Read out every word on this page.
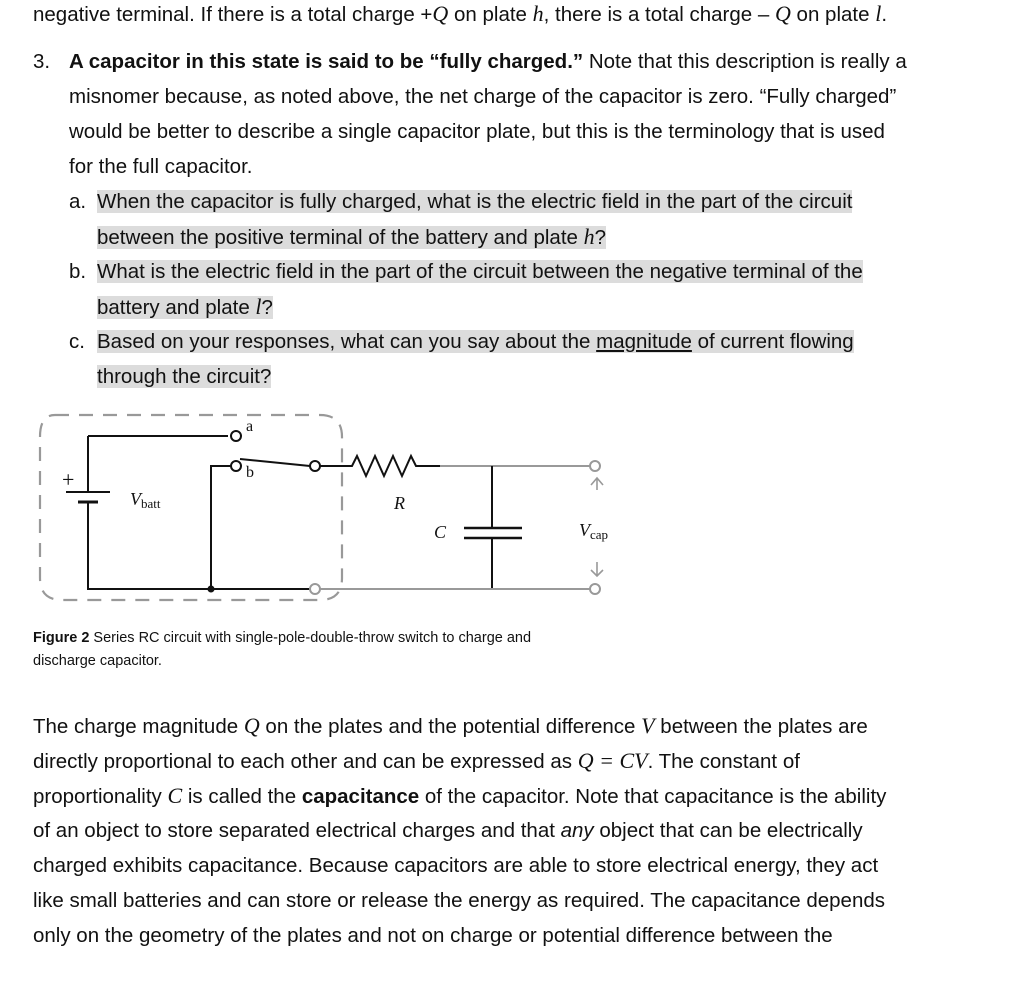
negative terminal. If there is a total charge +Q on plate h, there is a total charge – Q on plate l.
3. A capacitor in this state is said to be “fully charged.” Note that this description is really a
misnomer because, as noted above, the net charge of the capacitor is zero. “Fully charged”
would be better to describe a single capacitor plate, but this is the terminology that is used
for the full capacitor.
a. When the capacitor is fully charged, what is the electric field in the part of the circuit
between the positive terminal of the battery and plate h?
b. What is the electric field in the part of the circuit between the negative terminal of the
battery and plate l?
c. Based on your responses, what can you say about the magnitude of current flowing
through the circuit?
a
b
+
Vbatt	R
C	Vcap
Figure 2 Series RC circuit with single-pole-double-throw switch to charge and
discharge capacitor.
The charge magnitude Q on the plates and the potential difference V between the plates are
directly proportional to each other and can be expressed as Q = CV. The constant of
proportionality C is called the capacitance of the capacitor. Note that capacitance is the ability
of an object to store separated electrical charges and that any object that can be electrically
charged exhibits capacitance. Because capacitors are able to store electrical energy, they act
like small batteries and can store or release the energy as required. The capacitance depends
only on the geometry of the plates and not on charge or potential difference between the
